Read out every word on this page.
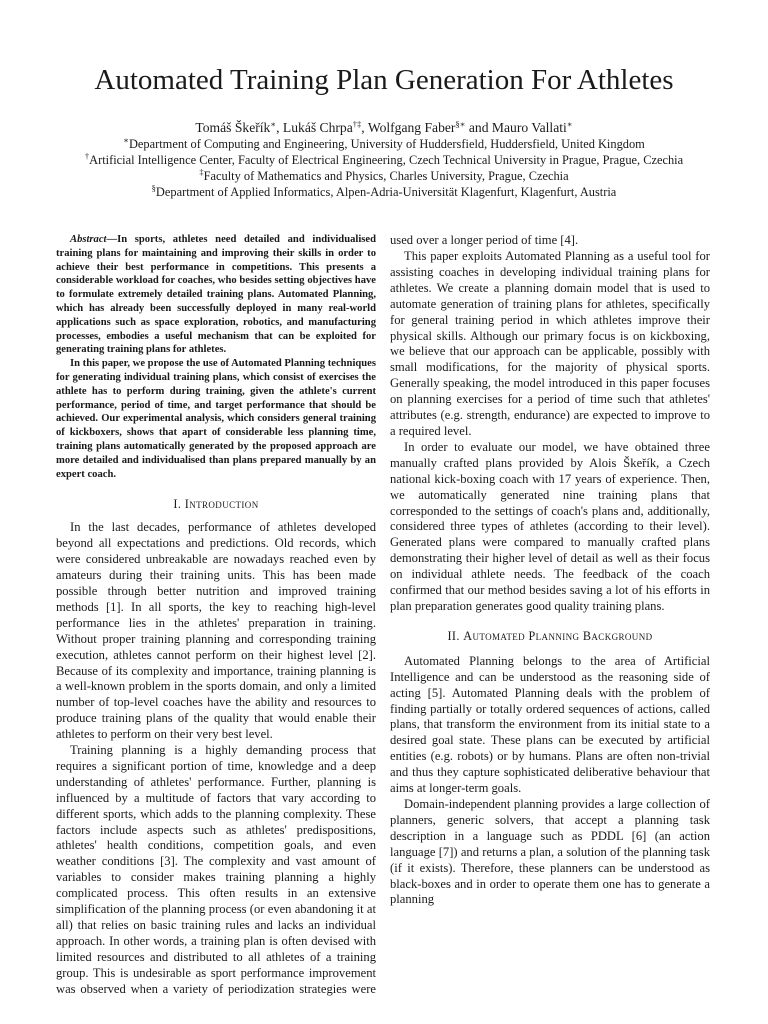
Automated Training Plan Generation For Athletes
Tomáš Škeřík∗, Lukáš Chrpa†‡, Wolfgang Faber§∗ and Mauro Vallati∗
∗Department of Computing and Engineering, University of Huddersfield, Huddersfield, United Kingdom
†Artificial Intelligence Center, Faculty of Electrical Engineering, Czech Technical University in Prague, Prague, Czechia
‡Faculty of Mathematics and Physics, Charles University, Prague, Czechia
§Department of Applied Informatics, Alpen-Adria-Universität Klagenfurt, Klagenfurt, Austria

Abstract—In sports, athletes need detailed and individualised training plans for maintaining and improving their skills in order to achieve their best performance in competitions. This presents a considerable workload for coaches, who besides setting objectives have to formulate extremely detailed training plans. Automated Planning, which has already been successfully deployed in many real-world applications such as space exploration, robotics, and manufacturing processes, embodies a useful mechanism that can be exploited for generating training plans for athletes.

In this paper, we propose the use of Automated Planning techniques for generating individual training plans, which consist of exercises the athlete has to perform during training, given the athlete's current performance, period of time, and target performance that should be achieved. Our experimental analysis, which considers general training of kickboxers, shows that apart of considerable less planning time, training plans automatically generated by the proposed approach are more detailed and individualised than plans prepared manually by an expert coach.

I. Introduction

In the last decades, performance of athletes developed beyond all expectations and predictions. Old records, which were considered unbreakable are nowadays reached even by amateurs during their training units. This has been made possible through better nutrition and improved training methods [1]. In all sports, the key to reaching high-level performance lies in the athletes' preparation in training. Without proper training planning and corresponding training execution, athletes cannot perform on their highest level [2]. Because of its complexity and importance, training planning is a well-known problem in the sports domain, and only a limited number of top-level coaches have the ability and resources to produce training plans of the quality that would enable their athletes to perform on their very best level.

Training planning is a highly demanding process that requires a significant portion of time, knowledge and a deep understanding of athletes' performance. Further, planning is influenced by a multitude of factors that vary according to different sports, which adds to the planning complexity. These factors include aspects such as athletes' predispositions, athletes' health conditions, competition goals, and even weather conditions [3]. The complexity and vast amount of variables to consider makes training planning a highly complicated process. This often results in an extensive simplification of the planning process (or even abandoning it at all) that relies on basic training rules and lacks an individual approach. In other words, a training plan is often devised with limited resources and distributed to all athletes of a training group. This is undesirable as sport performance improvement was observed when a variety of periodization strategies were

used over a longer period of time [4].

This paper exploits Automated Planning as a useful tool for assisting coaches in developing individual training plans for athletes. We create a planning domain model that is used to automate generation of training plans for athletes, specifically for general training period in which athletes improve their physical skills. Although our primary focus is on kickboxing, we believe that our approach can be applicable, possibly with small modifications, for the majority of physical sports. Generally speaking, the model introduced in this paper focuses on planning exercises for a period of time such that athletes' attributes (e.g. strength, endurance) are expected to improve to a required level.

In order to evaluate our model, we have obtained three manually crafted plans provided by Alois Škeřík, a Czech national kick-boxing coach with 17 years of experience. Then, we automatically generated nine training plans that corresponded to the settings of coach's plans and, additionally, considered three types of athletes (according to their level). Generated plans were compared to manually crafted plans demonstrating their higher level of detail as well as their focus on individual athlete needs. The feedback of the coach confirmed that our method besides saving a lot of his efforts in plan preparation generates good quality training plans.

II. Automated Planning Background

Automated Planning belongs to the area of Artificial Intelligence and can be understood as the reasoning side of acting [5]. Automated Planning deals with the problem of finding partially or totally ordered sequences of actions, called plans, that transform the environment from its initial state to a desired goal state. These plans can be executed by artificial entities (e.g. robots) or by humans. Plans are often non-trivial and thus they capture sophisticated deliberative behaviour that aims at longer-term goals.

Domain-independent planning provides a large collection of planners, generic solvers, that accept a planning task description in a language such as PDDL [6] (an action language [7]) and returns a plan, a solution of the planning task (if it exists). Therefore, these planners can be understood as black-boxes and in order to operate them one has to generate a planning
